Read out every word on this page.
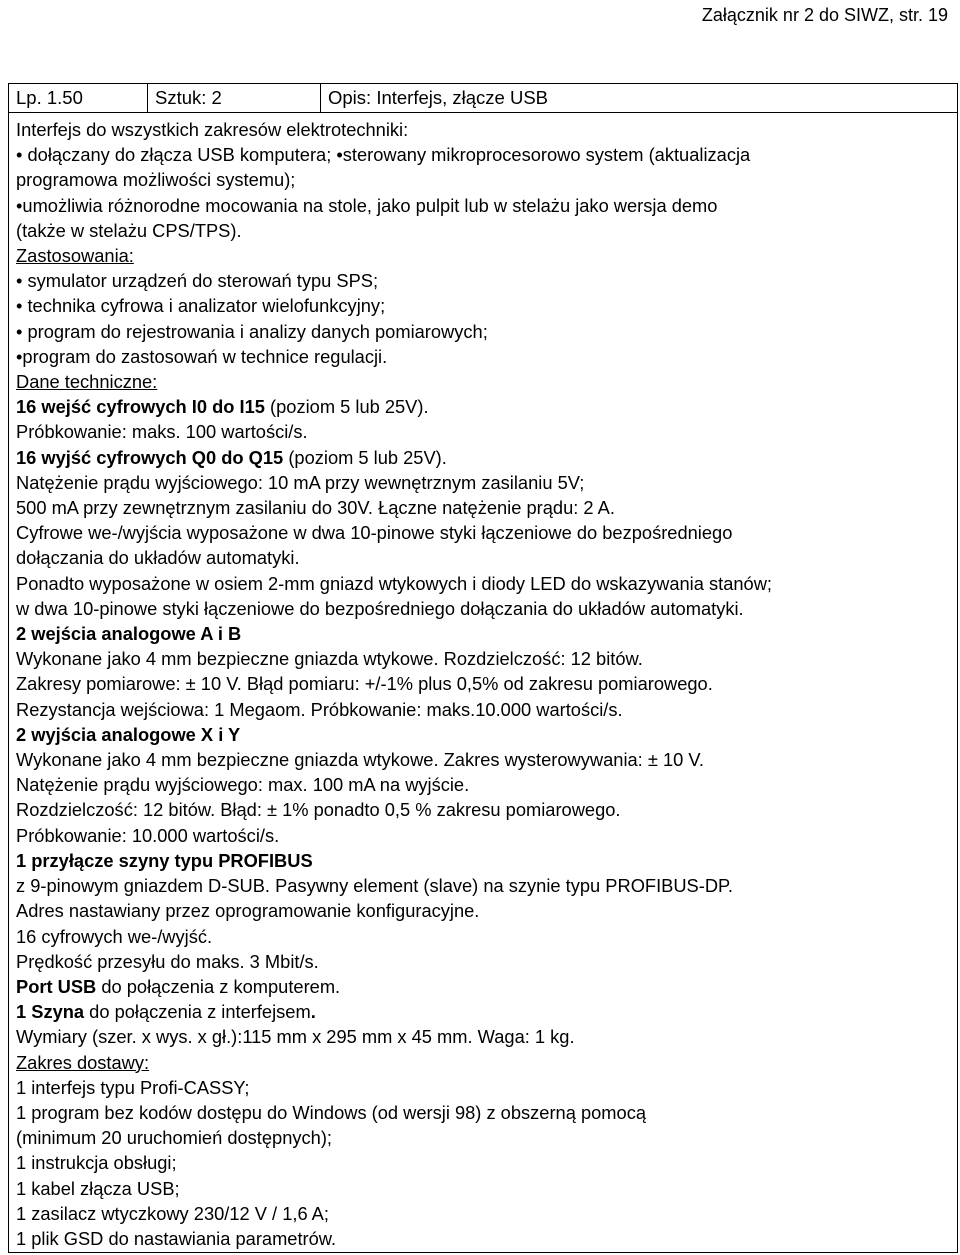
Załącznik nr 2 do SIWZ, str. 19
Lp. 1.50	Sztuk: 2	Opis: Interfejs, złącze USB
Interfejs do wszystkich zakresów elektrotechniki:
• dołączany do złącza USB komputera; •sterowany mikroprocesorowo system (aktualizacja
programowa możliwości systemu);
•umożliwia różnorodne mocowania na stole, jako pulpit lub w stelażu jako wersja demo
(także w stelażu CPS/TPS).
Zastosowania:
• symulator urządzeń do sterowań typu SPS;
• technika cyfrowa i analizator wielofunkcyjny;
• program do rejestrowania i analizy danych pomiarowych;
•program do zastosowań w technice regulacji.
Dane techniczne:
16 wejść cyfrowych I0 do I15 (poziom 5 lub 25V).
Próbkowanie: maks. 100 wartości/s.
16 wyjść cyfrowych Q0 do Q15 (poziom 5 lub 25V).
Natężenie prądu wyjściowego: 10 mA przy wewnętrznym zasilaniu 5V;
500 mA przy zewnętrznym zasilaniu do 30V. Łączne natężenie prądu: 2 A.
Cyfrowe we-/wyjścia wyposażone w dwa 10-pinowe styki łączeniowe do bezpośredniego
dołączania do układów automatyki.
Ponadto wyposażone w osiem 2-mm gniazd wtykowych i diody LED do wskazywania stanów;
w dwa 10-pinowe styki łączeniowe do bezpośredniego dołączania do układów automatyki.
2 wejścia analogowe A i B
Wykonane jako 4 mm bezpieczne gniazda wtykowe. Rozdzielczość: 12 bitów.
Zakresy pomiarowe: ± 10 V. Błąd pomiaru: +/-1% plus 0,5% od zakresu pomiarowego.
Rezystancja wejściowa: 1 Megaom. Próbkowanie: maks.10.000 wartości/s.
2 wyjścia analogowe X i Y
Wykonane jako 4 mm bezpieczne gniazda wtykowe. Zakres wysterowywania: ± 10 V.
Natężenie prądu wyjściowego: max. 100 mA na wyjście.
Rozdzielczość: 12 bitów. Błąd: ± 1% ponadto 0,5 % zakresu pomiarowego.
Próbkowanie: 10.000 wartości/s.
1 przyłącze szyny typu PROFIBUS
z 9-pinowym gniazdem D-SUB. Pasywny element (slave) na szynie typu PROFIBUS-DP.
Adres nastawiany przez oprogramowanie konfiguracyjne.
16 cyfrowych we-/wyjść.
Prędkość przesyłu do maks. 3 Mbit/s.
Port USB do połączenia z komputerem.
1 Szyna do połączenia z interfejsem.
Wymiary (szer. x wys. x gł.):115 mm x 295 mm x 45 mm. Waga: 1 kg.
Zakres dostawy:
1 interfejs typu Profi-CASSY;
1 program bez kodów dostępu do Windows (od wersji 98) z obszerną pomocą
(minimum 20 uruchomień dostępnych);
1 instrukcja obsługi;
1 kabel złącza USB;
1 zasilacz wtyczkowy 230/12 V / 1,6 A;
1 plik GSD do nastawiania parametrów.
